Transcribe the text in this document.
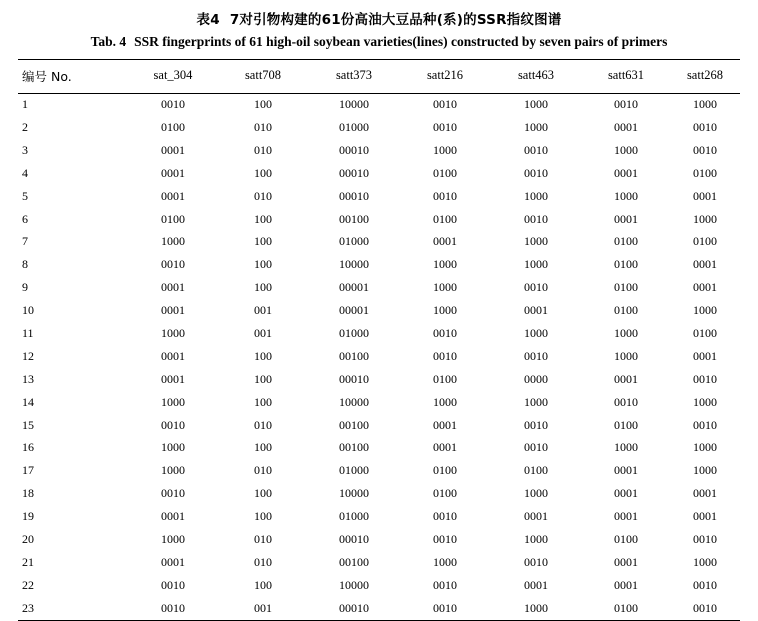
表4 7对引物构建的61份高油大豆品种(系)的SSR指纹图谱
Tab. 4 SSR fingerprints of 61 high-oil soybean varieties(lines) constructed by seven pairs of primers
编号 No.	sat_304	satt708	satt373	satt216	satt463	satt631	satt268
1	0010	100	10000	0010	1000	0010	1000
2	0100	010	01000	0010	1000	0001	0010
3	0001	010	00010	1000	0010	1000	0010
4	0001	100	00010	0100	0010	0001	0100
5	0001	010	00010	0010	1000	1000	0001
6	0100	100	00100	0100	0010	0001	1000
7	1000	100	01000	0001	1000	0100	0100
8	0010	100	10000	1000	1000	0100	0001
9	0001	100	00001	1000	0010	0100	0001
10	0001	001	00001	1000	0001	0100	1000
11	1000	001	01000	0010	1000	1000	0100
12	0001	100	00100	0010	0010	1000	0001
13	0001	100	00010	0100	0000	0001	0010
14	1000	100	10000	1000	1000	0010	1000
15	0010	010	00100	0001	0010	0100	0010
16	1000	100	00100	0001	0010	1000	1000
17	1000	010	01000	0100	0100	0001	1000
18	0010	100	10000	0100	1000	0001	0001
19	0001	100	01000	0010	0001	0001	0001
20	1000	010	00010	0010	1000	0100	0010
21	0001	010	00100	1000	0010	0001	1000
22	0010	100	10000	0010	0001	0001	0010
23	0010	001	00010	0010	1000	0100	0010
